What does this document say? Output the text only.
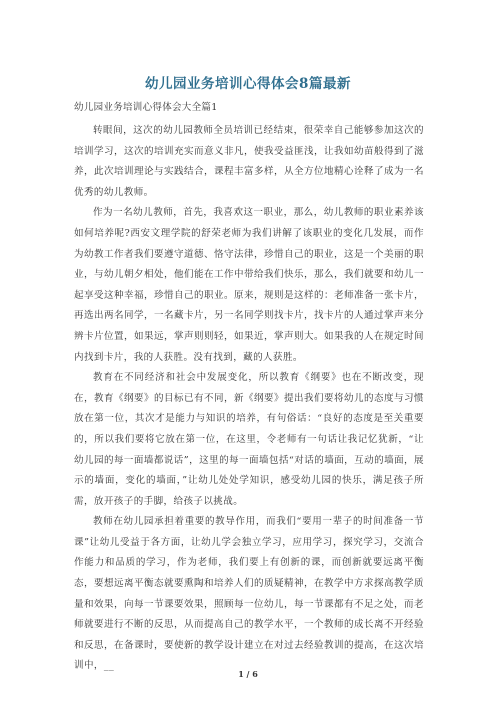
幼儿园业务培训心得体会8篇最新
幼儿园业务培训心得体会大全篇1

转眼间，这次的幼儿园教师全员培训已经结束，很荣幸自己能够参加这次的培训学习，这次的培训充实而意义非凡，使我受益匪浅，让我如幼苗般得到了滋养，此次培训理论与实践结合，课程丰富多样，从全方位地精心诠释了成为一名优秀的幼儿教师。

作为一名幼儿教师，首先，我喜欢这一职业，那么，幼儿教师的职业素养该如何培养呢?西安文理学院的舒荣老师为我们讲解了该职业的变化几发展，而作为幼教工作者我们要遵守道德、恪守法律，珍惜自己的职业，这是一个美丽的职业，与幼儿朝夕相处，他们能在工作中带给我们快乐，那么，我们就要和幼儿一起享受这种幸福，珍惜自己的职业。原来，规则是这样的：老师准备一张卡片，再选出两名同学，一名藏卡片，另一名同学则找卡片，找卡片的人通过掌声来分辨卡片位置，如果远，掌声则则轻，如果近，掌声则大。如果我的人在规定时间内找到卡片，我的人获胜。没有找到，藏的人获胜。

教育在不同经济和社会中发展变化，所以教育《纲要》也在不断改变，现在，教育《纲要》的目标已有不同，新《纲要》提出我们要将幼儿的态度与习惯放在第一位，其次才是能力与知识的培养，有句俗话：“良好的态度是至关重要的，所以我们要将它放在第一位，在这里，令老师有一句话让我记忆犹新，“让幼儿园的每一面墙都说话”，这里的每一面墙包括“对话的墙面，互动的墙面，展示的墙面，变化的墙面，”让幼儿处处学知识，感受幼儿园的快乐，满足孩子所需，放开孩子的手脚，给孩子以挑战。

教师在幼儿园承担着重要的教导作用，而我们“要用一辈子的时间准备一节课”让幼儿受益于各方面，让幼儿学会独立学习，应用学习，探究学习，交流合作能力和品质的学习，作为老师，我们要上有创新的课，而创新就要远离平衡态，要想远离平衡态就要熏陶和培养人们的质疑精神，在教学中方求探高教学质量和效果，向每一节课要效果，照顾每一位幼儿，每一节课都有不足之处，而老师就要进行不断的反思，从而提高自己的教学水平，一个教师的成长离不开经验和反思，在备课时，要使新的教学设计建立在对过去经验教训的提高，在这次培训中，__

1 / 6
